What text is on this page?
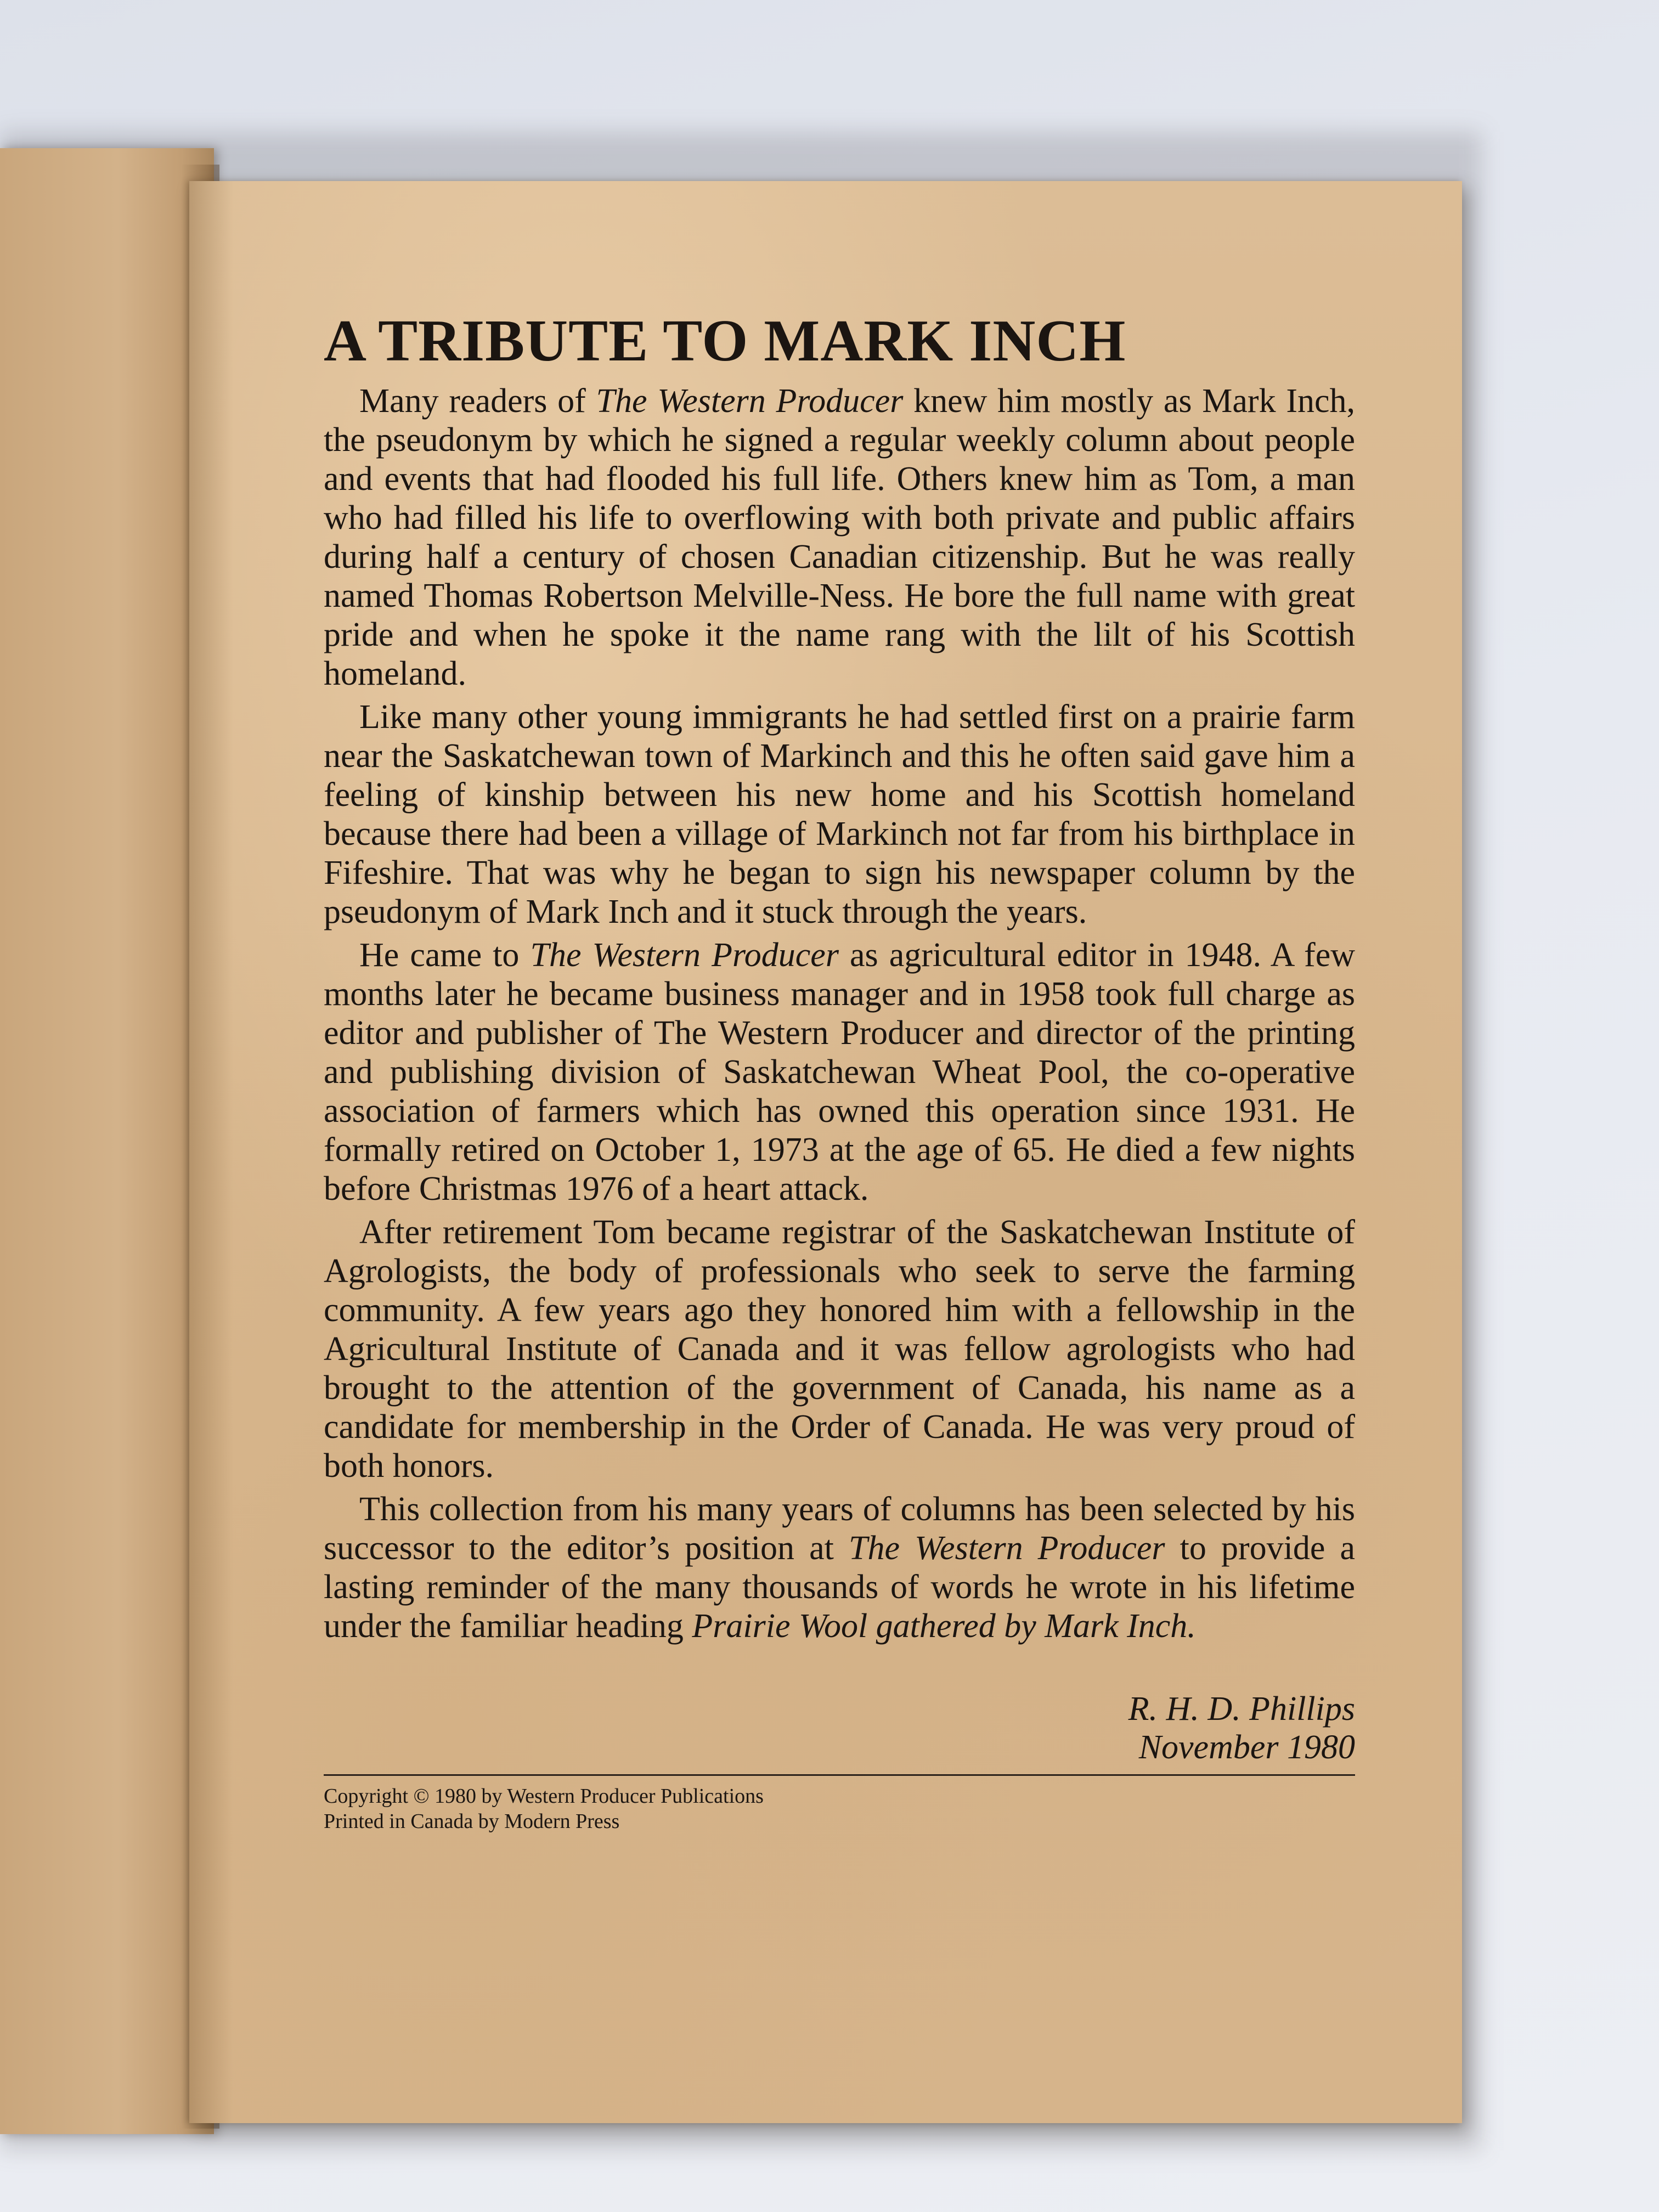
A TRIBUTE TO MARK INCH

Many readers of The Western Producer knew him mostly as Mark Inch, the pseudonym by which he signed a regular weekly column about people and events that had flooded his full life. Others knew him as Tom, a man who had filled his life to overflowing with both private and public affairs during half a century of chosen Canadian citizenship. But he was really named Thomas Robertson Melville-Ness. He bore the full name with great pride and when he spoke it the name rang with the lilt of his Scottish homeland.

Like many other young immigrants he had settled first on a prairie farm near the Saskatchewan town of Markinch and this he often said gave him a feeling of kinship between his new home and his Scottish homeland because there had been a village of Markinch not far from his birthplace in Fifeshire. That was why he began to sign his newspaper column by the pseudonym of Mark Inch and it stuck through the years.

He came to The Western Producer as agricultural editor in 1948. A few months later he became business manager and in 1958 took full charge as editor and publisher of The Western Producer and director of the printing and publishing division of Saskatchewan Wheat Pool, the co-operative association of farmers which has owned this operation since 1931. He formally retired on October 1, 1973 at the age of 65. He died a few nights before Christmas 1976 of a heart attack.

After retirement Tom became registrar of the Saskatchewan Institute of Agrologists, the body of professionals who seek to serve the farming community. A few years ago they honored him with a fellowship in the Agricultural Institute of Canada and it was fellow agrologists who had brought to the attention of the government of Canada, his name as a candidate for membership in the Order of Canada. He was very proud of both honors.

This collection from his many years of columns has been selected by his successor to the editor’s position at The Western Producer to provide a lasting reminder of the many thousands of words he wrote in his lifetime under the familiar heading Prairie Wool gathered by Mark Inch.

R. H. D. Phillips
November 1980
Copyright © 1980 by Western Producer Publications
Printed in Canada by Modern Press
